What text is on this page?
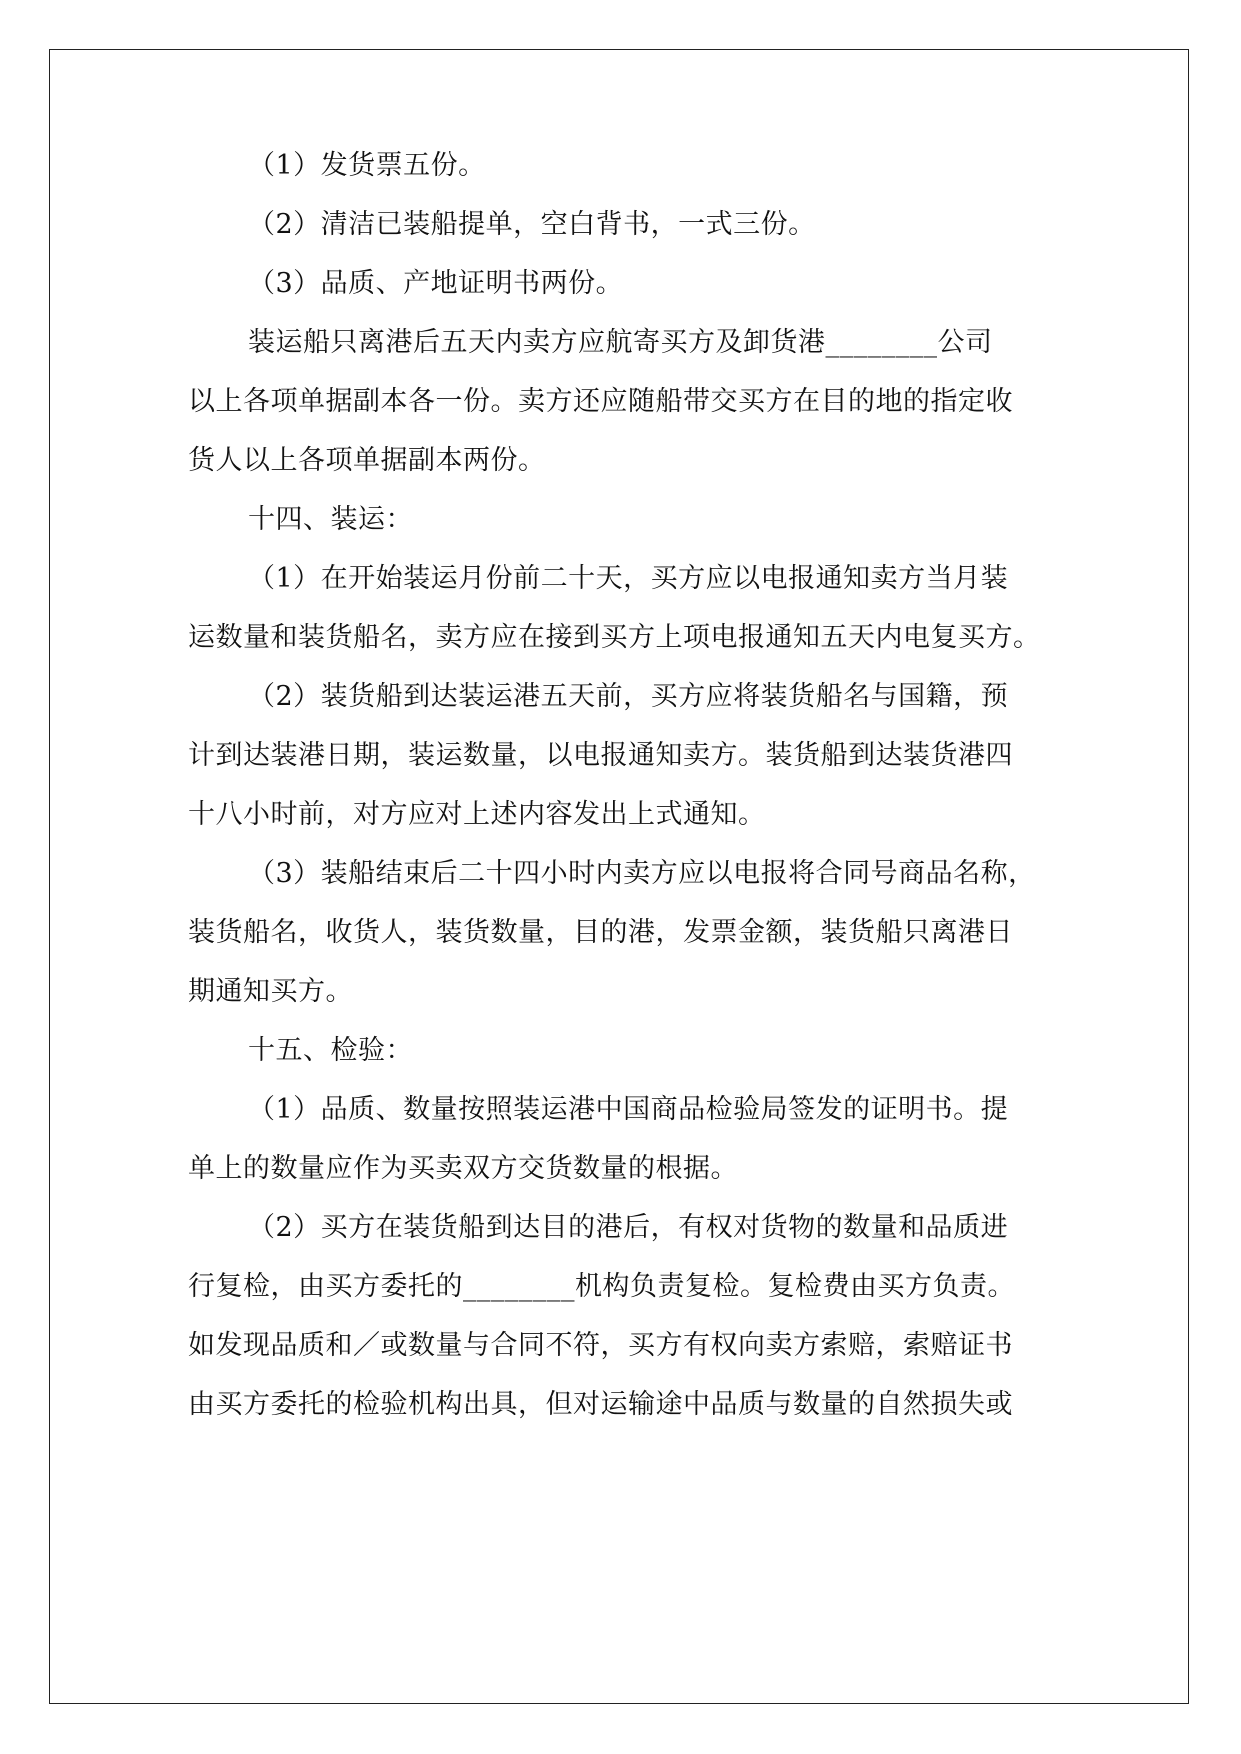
（1）发货票五份。
（2）清洁已装船提单，空白背书，一式三份。
（3）品质、产地证明书两份。
装运船只离港后五天内卖方应航寄买方及卸货港________公司
以上各项单据副本各一份。卖方还应随船带交买方在目的地的指定收
货人以上各项单据副本两份。
十四、装运：
（1）在开始装运月份前二十天，买方应以电报通知卖方当月装
运数量和装货船名，卖方应在接到买方上项电报通知五天内电复买方。
（2）装货船到达装运港五天前，买方应将装货船名与国籍，预
计到达装港日期，装运数量，以电报通知卖方。装货船到达装货港四
十八小时前，对方应对上述内容发出上式通知。
（3）装船结束后二十四小时内卖方应以电报将合同号商品名称，
装货船名，收货人，装货数量，目的港，发票金额，装货船只离港日
期通知买方。
十五、检验：
（1）品质、数量按照装运港中国商品检验局签发的证明书。提
单上的数量应作为买卖双方交货数量的根据。
（2）买方在装货船到达目的港后，有权对货物的数量和品质进
行复检，由买方委托的________机构负责复检。复检费由买方负责。
如发现品质和／或数量与合同不符，买方有权向卖方索赔，索赔证书
由买方委托的检验机构出具，但对运输途中品质与数量的自然损失或
